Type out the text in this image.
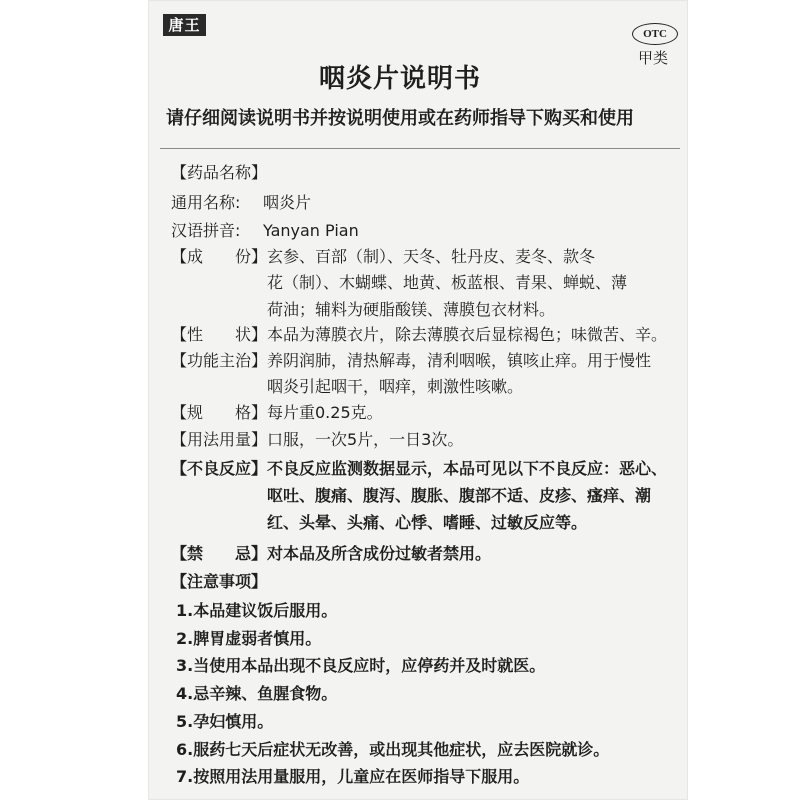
唐王	OTC
甲类
咽炎片说明书
请仔细阅读说明书并按说明使用或在药师指导下购买和使用
【药品名称】
通用名称: 咽炎片
汉语拼音: Yanyan Pian
【成　　份】 玄参、百部（制）、天冬、牡丹皮、麦冬、款冬
花（制）、木蝴蝶、地黄、板蓝根、青果、蝉蜕、薄
荷油；辅料为硬脂酸镁、薄膜包衣材料。
【性　　状】 本品为薄膜衣片，除去薄膜衣后显棕褐色；味微苦、辛。
【功能主治】 养阴润肺，清热解毒，清利咽喉，镇咳止痒。用于慢性
咽炎引起咽干，咽痒，刺激性咳嗽。
【规　　格】 每片重0.25克。
【用法用量】 口服，一次5片，一日3次。
【不良反应】 不良反应监测数据显示，本品可见以下不良反应：恶心、
呕吐、腹痛、腹泻、腹胀、腹部不适、皮疹、瘙痒、潮
红、头晕、头痛、心悸、嗜睡、过敏反应等。
【禁　　忌】 对本品及所含成份过敏者禁用。
【注意事项】
1.本品建议饭后服用。
2.脾胃虚弱者慎用。
3.当使用本品出现不良反应时，应停药并及时就医。
4.忌辛辣、鱼腥食物。
5.孕妇慎用。
6.服药七天后症状无改善，或出现其他症状，应去医院就诊。
7.按照用法用量服用，儿童应在医师指导下服用。
